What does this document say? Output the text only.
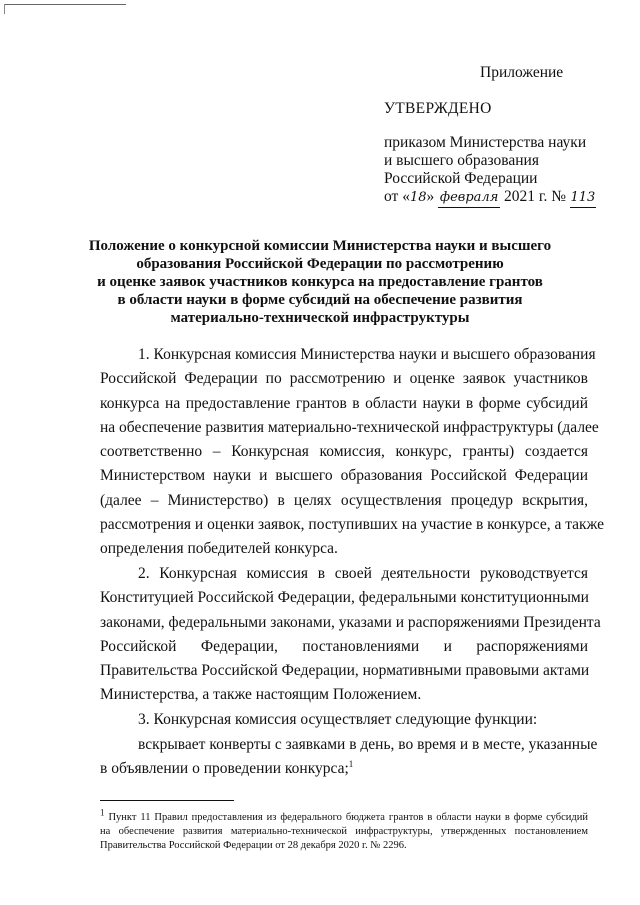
Приложение
УТВЕРЖДЕНО
приказом Министерства науки
и высшего образования
Российской Федерации
от «18» февраля 2021 г. № 113
Положение о конкурсной комиссии Министерства науки и высшего
образования Российской Федерации по рассмотрению
и оценке заявок участников конкурса на предоставление грантов
в области науки в форме субсидий на обеспечение развития
материально-технической инфраструктуры
1. Конкурсная комиссия Министерства науки и высшего образования
Российской Федерации по рассмотрению и оценке заявок участников
конкурса на предоставление грантов в области науки в форме субсидий
на обеспечение развития материально-технической инфраструктуры (далее
соответственно – Конкурсная комиссия, конкурс, гранты) создается
Министерством науки и высшего образования Российской Федерации
(далее – Министерство) в целях осуществления процедур вскрытия,
рассмотрения и оценки заявок, поступивших на участие в конкурсе, а также
определения победителей конкурса.
2. Конкурсная комиссия в своей деятельности руководствуется
Конституцией Российской Федерации, федеральными конституционными
законами, федеральными законами, указами и распоряжениями Президента
Российской Федерации, постановлениями и распоряжениями
Правительства Российской Федерации, нормативными правовыми актами
Министерства, а также настоящим Положением.
3. Конкурсная комиссия осуществляет следующие функции:
вскрывает конверты с заявками в день, во время и в месте, указанные
в объявлении о проведении конкурса;$^1$
1 Пункт 11 Правил предоставления из федерального бюджета грантов в области науки в форме субсидий
на обеспечение развития материально-технической инфраструктуры, утвержденных постановлением
Правительства Российской Федерации от 28 декабря 2020 г. № 2296.
